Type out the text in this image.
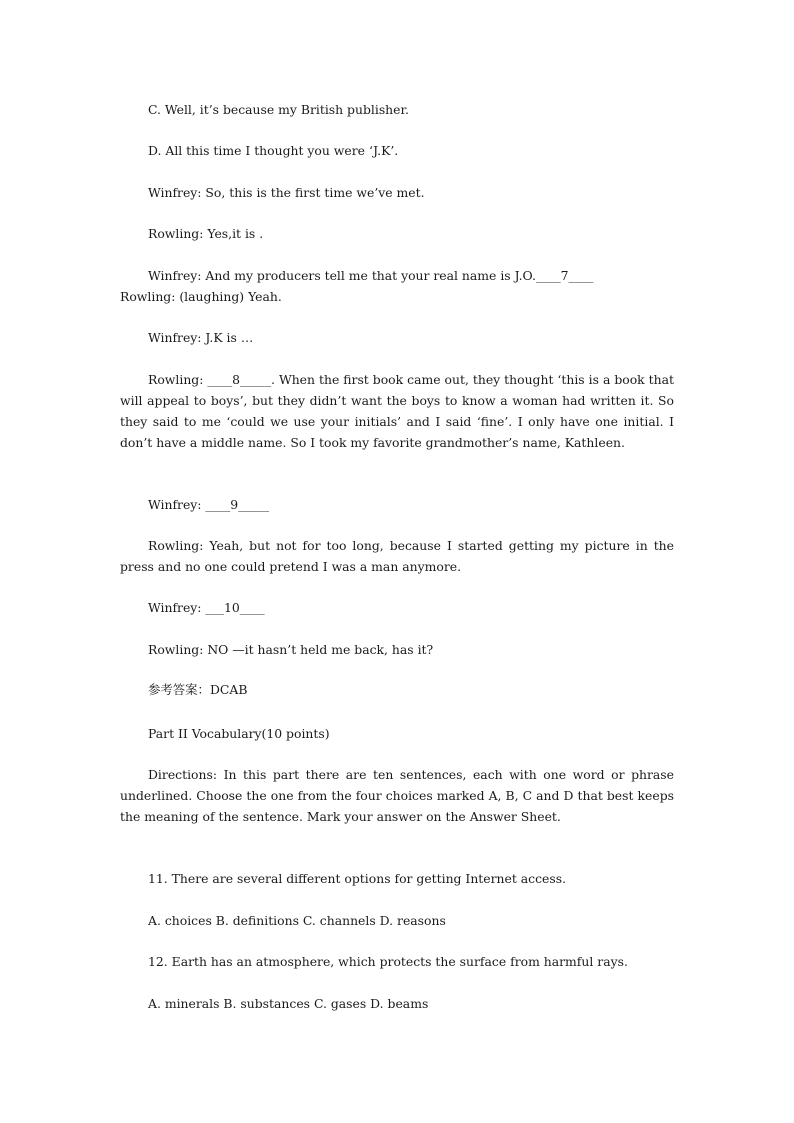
C. Well, it’s because my British publisher.

D. All this time I thought you were ‘J.K’.

Winfrey: So, this is the first time we’ve met.

Rowling: Yes,it is .

Winfrey: And my producers tell me that your real name is J.O.____7____
Rowling: (laughing) Yeah.

Winfrey: J.K is …

Rowling: ____8_____. When the first book came out, they thought ‘this is a book that will appeal to boys’, but they didn’t want the boys to know a woman had written it. So they said to me ‘could we use your initials’ and I said ‘fine’. I only have one initial. I don’t have a middle name. So I took my favorite grandmother’s name, Kathleen.

Winfrey: ____9_____

Rowling: Yeah, but not for too long, because I started getting my picture in the press and no one could pretend I was a man anymore.

Winfrey: ___10____

Rowling: NO —it hasn’t held me back, has it?

参考答案：DCAB

Part II Vocabulary(10 points)

Directions: In this part there are ten sentences, each with one word or phrase underlined. Choose the one from the four choices marked A, B, C and D that best keeps the meaning of the sentence. Mark your answer on the Answer Sheet.

11. There are several different options for getting Internet access.

A. choices B. definitions C. channels D. reasons

12. Earth has an atmosphere, which protects the surface from harmful rays.

A. minerals B. substances C. gases D. beams
